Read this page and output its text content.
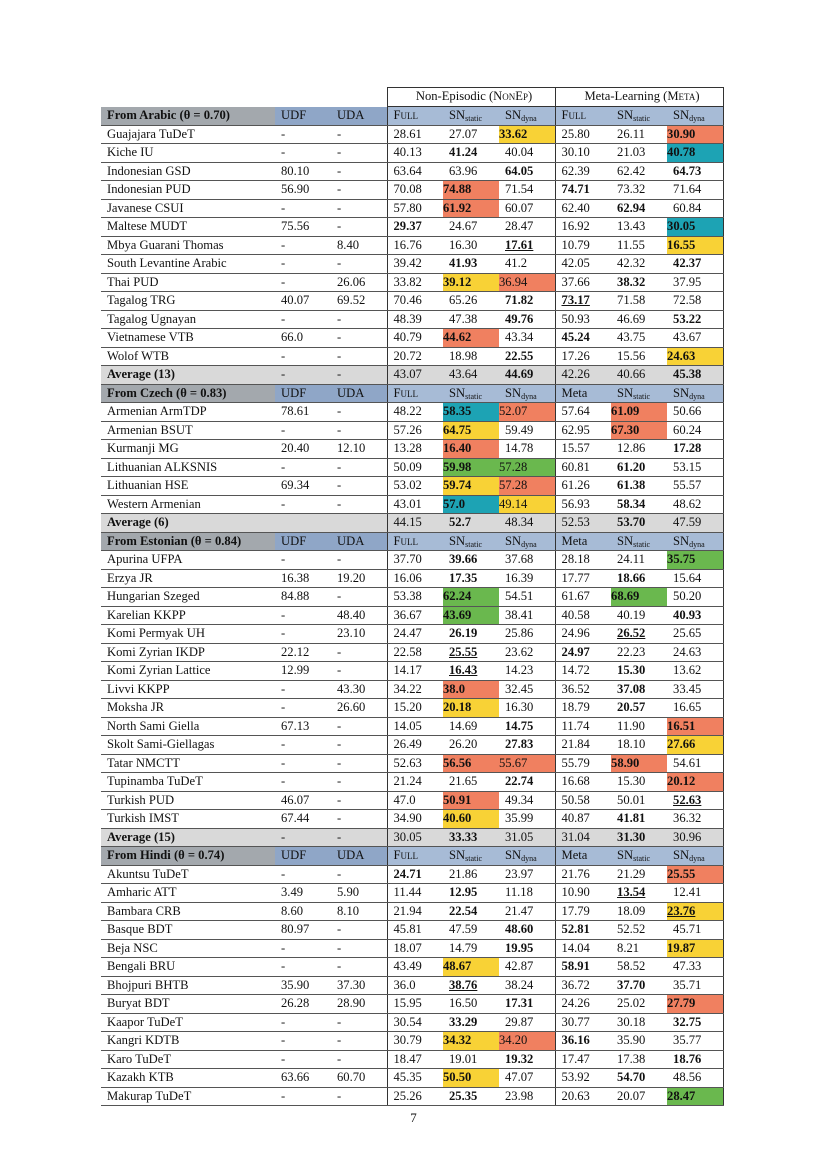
			Non-Episodic (NonEp)			Meta-Learning (Meta)		
From Arabic (θ = 0.70)	UDF	UDA	Full	$SN_{static}$	$SN_{dyna}$	Full	$SN_{static}$	$SN_{dyna}$
Guajajara TuDeT	-	-	28.61	27.07	33.62	25.80	26.11	30.90
Kiche IU	-	-	40.13	41.24	40.04	30.10	21.03	40.78
Indonesian GSD	80.10	-	63.64	63.96	64.05	62.39	62.42	64.73
Indonesian PUD	56.90	-	70.08	74.88	71.54	74.71	73.32	71.64
Javanese CSUI	-	-	57.80	61.92	60.07	62.40	62.94	60.84
Maltese MUDT	75.56	-	29.37	24.67	28.47	16.92	13.43	30.05
Mbya Guarani Thomas	-	8.40	16.76	16.30	17.61	10.79	11.55	16.55
South Levantine Arabic	-	-	39.42	41.93	41.2	42.05	42.32	42.37
Thai PUD	-	26.06	33.82	39.12	36.94	37.66	38.32	37.95
Tagalog TRG	40.07	69.52	70.46	65.26	71.82	73.17	71.58	72.58
Tagalog Ugnayan	-	-	48.39	47.38	49.76	50.93	46.69	53.22
Vietnamese VTB	66.0	-	40.79	44.62	43.34	45.24	43.75	43.67
Wolof WTB	-	-	20.72	18.98	22.55	17.26	15.56	24.63
Average (13)	-	-	43.07	43.64	44.69	42.26	40.66	45.38
From Czech (θ = 0.83)	UDF	UDA	Full	$SN_{static}$	$SN_{dyna}$	Meta	$SN_{static}$	$SN_{dyna}$
Armenian ArmTDP	78.61	-	48.22	58.35	52.07	57.64	61.09	50.66
Armenian BSUT	-	-	57.26	64.75	59.49	62.95	67.30	60.24
Kurmanji MG	20.40	12.10	13.28	16.40	14.78	15.57	12.86	17.28
Lithuanian ALKSNIS	-	-	50.09	59.98	57.28	60.81	61.20	53.15
Lithuanian HSE	69.34	-	53.02	59.74	57.28	61.26	61.38	55.57
Western Armenian	-	-	43.01	57.0	49.14	56.93	58.34	48.62
Average (6)			44.15	52.7	48.34	52.53	53.70	47.59
From Estonian (θ = 0.84)	UDF	UDA	Full	$SN_{static}$	$SN_{dyna}$	Meta	$SN_{static}$	$SN_{dyna}$
Apurina UFPA	-	-	37.70	39.66	37.68	28.18	24.11	35.75
Erzya JR	16.38	19.20	16.06	17.35	16.39	17.77	18.66	15.64
Hungarian Szeged	84.88	-	53.38	62.24	54.51	61.67	68.69	50.20
Karelian KKPP	-	48.40	36.67	43.69	38.41	40.58	40.19	40.93
Komi Permyak UH	-	23.10	24.47	26.19	25.86	24.96	26.52	25.65
Komi Zyrian IKDP	22.12	-	22.58	25.55	23.62	24.97	22.23	24.63
Komi Zyrian Lattice	12.99	-	14.17	16.43	14.23	14.72	15.30	13.62
Livvi KKPP	-	43.30	34.22	38.0	32.45	36.52	37.08	33.45
Moksha JR	-	26.60	15.20	20.18	16.30	18.79	20.57	16.65
North Sami Giella	67.13	-	14.05	14.69	14.75	11.74	11.90	16.51
Skolt Sami-Giellagas	-	-	26.49	26.20	27.83	21.84	18.10	27.66
Tatar NMCTT	-	-	52.63	56.56	55.67	55.79	58.90	54.61
Tupinamba TuDeT	-	-	21.24	21.65	22.74	16.68	15.30	20.12
Turkish PUD	46.07	-	47.0	50.91	49.34	50.58	50.01	52.63
Turkish IMST	67.44	-	34.90	40.60	35.99	40.87	41.81	36.32
Average (15)	-	-	30.05	33.33	31.05	31.04	31.30	30.96
From Hindi (θ = 0.74)	UDF	UDA	Full	$SN_{static}$	$SN_{dyna}$	Meta	$SN_{static}$	$SN_{dyna}$
Akuntsu TuDeT	-	-	24.71	21.86	23.97	21.76	21.29	25.55
Amharic ATT	3.49	5.90	11.44	12.95	11.18	10.90	13.54	12.41
Bambara CRB	8.60	8.10	21.94	22.54	21.47	17.79	18.09	23.76
Basque BDT	80.97	-	45.81	47.59	48.60	52.81	52.52	45.71
Beja NSC	-	-	18.07	14.79	19.95	14.04	8.21	19.87
Bengali BRU	-	-	43.49	48.67	42.87	58.91	58.52	47.33
Bhojpuri BHTB	35.90	37.30	36.0	38.76	38.24	36.72	37.70	35.71
Buryat BDT	26.28	28.90	15.95	16.50	17.31	24.26	25.02	27.79
Kaapor TuDeT	-	-	30.54	33.29	29.87	30.77	30.18	32.75
Kangri KDTB	-	-	30.79	34.32	34.20	36.16	35.90	35.77
Karo TuDeT	-	-	18.47	19.01	19.32	17.47	17.38	18.76
Kazakh KTB	63.66	60.70	45.35	50.50	47.07	53.92	54.70	48.56
Makurap TuDeT	-	-	25.26	25.35	23.98	20.63	20.07	28.47
7
